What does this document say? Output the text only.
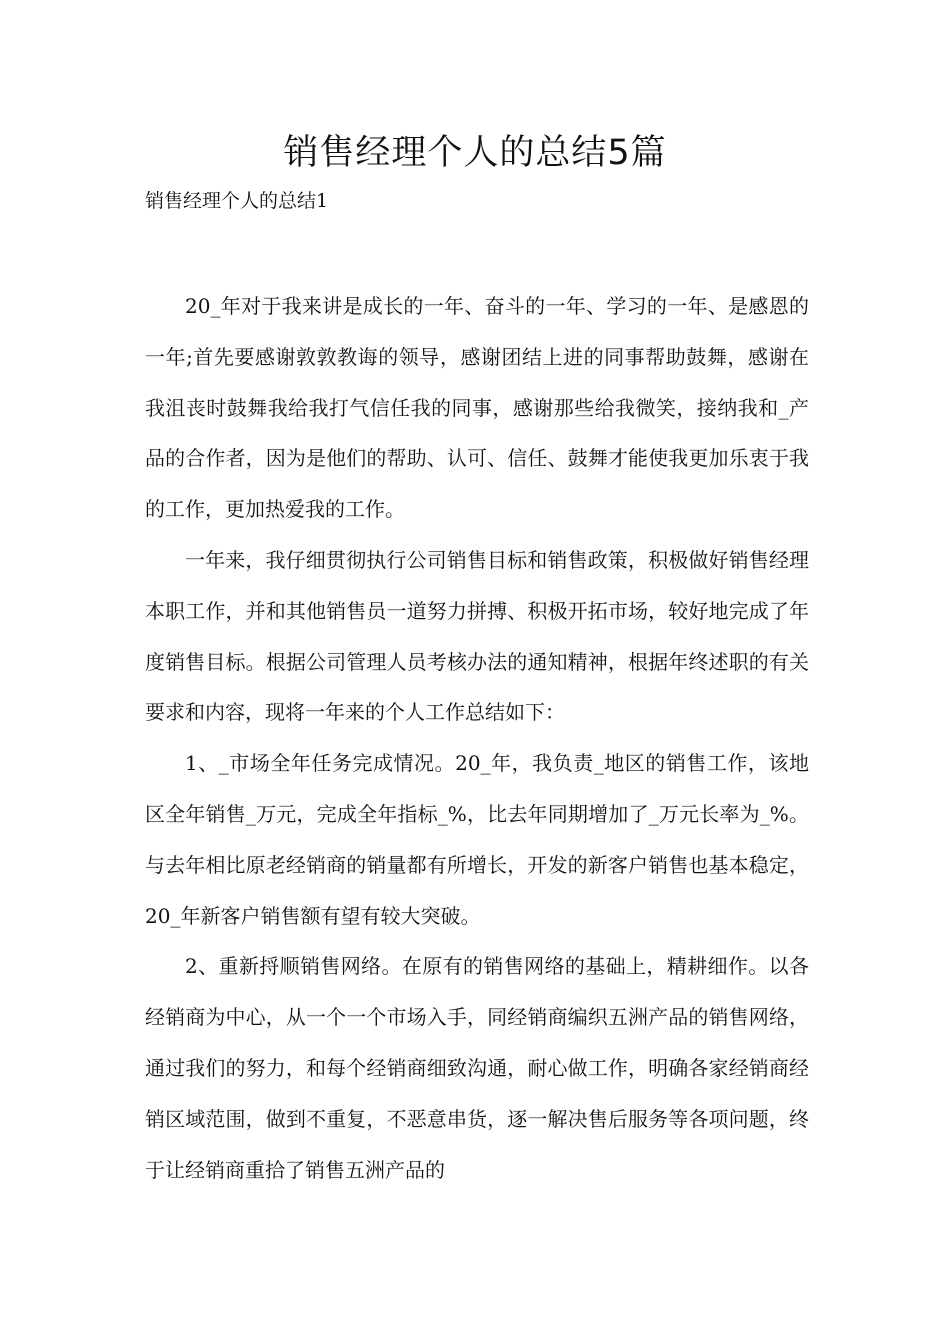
销售经理个人的总结5篇
销售经理个人的总结1

20_年对于我来讲是成长的一年、奋斗的一年、学习的一年、是感恩的一年;首先要感谢敦敦教诲的领导，感谢团结上进的同事帮助鼓舞，感谢在我沮丧时鼓舞我给我打气信任我的同事，感谢那些给我微笑，接纳我和_产品的合作者，因为是他们的帮助、认可、信任、鼓舞才能使我更加乐衷于我的工作，更加热爱我的工作。

一年来，我仔细贯彻执行公司销售目标和销售政策，积极做好销售经理本职工作，并和其他销售员一道努力拼搏、积极开拓市场，较好地完成了年度销售目标。根据公司管理人员考核办法的通知精神，根据年终述职的有关要求和内容，现将一年来的个人工作总结如下：

1、_市场全年任务完成情况。20_年，我负责_地区的销售工作，该地区全年销售_万元，完成全年指标_%，比去年同期增加了_万元长率为_%。与去年相比原老经销商的销量都有所增长，开发的新客户销售也基本稳定，20_年新客户销售额有望有较大突破。

2、重新捋顺销售网络。在原有的销售网络的基础上，精耕细作。以各经销商为中心，从一个一个市场入手，同经销商编织五洲产品的销售网络，通过我们的努力，和每个经销商细致沟通，耐心做工作，明确各家经销商经销区域范围，做到不重复，不恶意串货，逐一解决售后服务等各项问题，终于让经销商重拾了销售五洲产品的
